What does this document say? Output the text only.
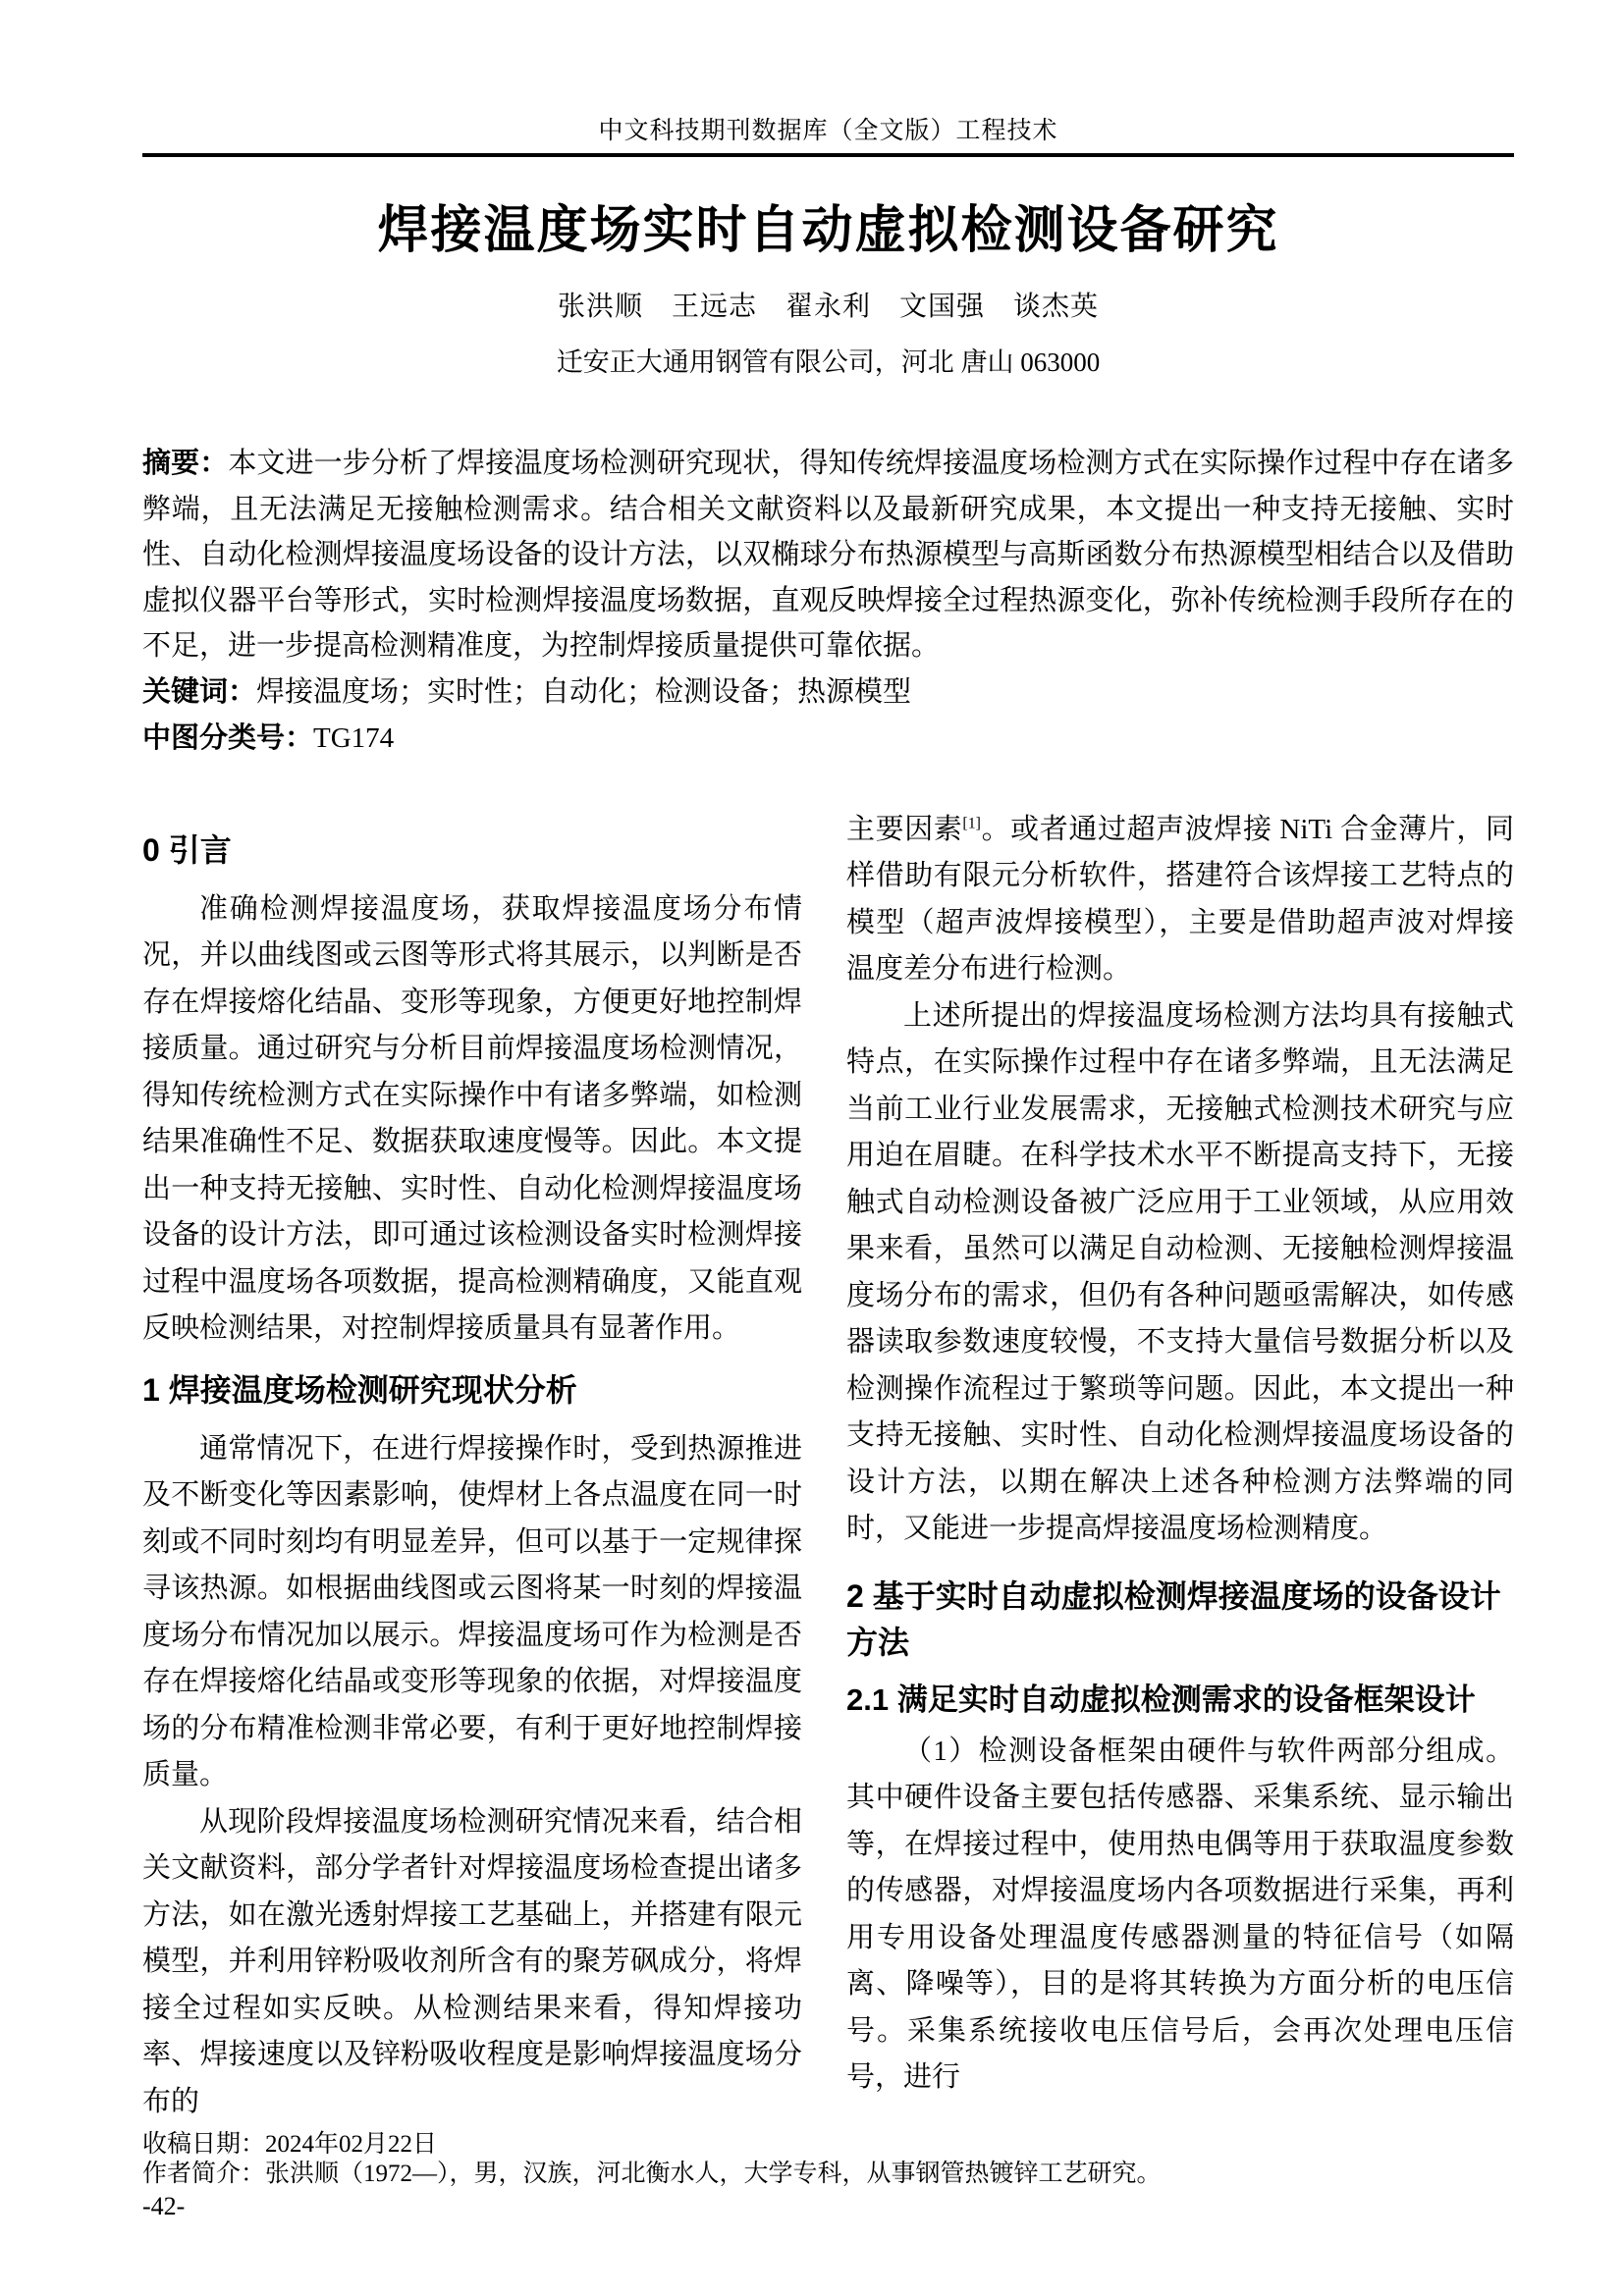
中文科技期刊数据库（全文版）工程技术
焊接温度场实时自动虚拟检测设备研究
张洪顺　王远志　翟永利　文国强　谈杰英
迁安正大通用钢管有限公司，河北 唐山 063000
摘要：本文进一步分析了焊接温度场检测研究现状，得知传统焊接温度场检测方式在实际操作过程中存在诸多弊端，且无法满足无接触检测需求。结合相关文献资料以及最新研究成果，本文提出一种支持无接触、实时性、自动化检测焊接温度场设备的设计方法，以双椭球分布热源模型与高斯函数分布热源模型相结合以及借助虚拟仪器平台等形式，实时检测焊接温度场数据，直观反映焊接全过程热源变化，弥补传统检测手段所存在的不足，进一步提高检测精准度，为控制焊接质量提供可靠依据。
关键词：焊接温度场；实时性；自动化；检测设备；热源模型
中图分类号：TG174
0 引言

准确检测焊接温度场，获取焊接温度场分布情况，并以曲线图或云图等形式将其展示，以判断是否存在焊接熔化结晶、变形等现象，方便更好地控制焊接质量。通过研究与分析目前焊接温度场检测情况，得知传统检测方式在实际操作中有诸多弊端，如检测结果准确性不足、数据获取速度慢等。因此。本文提出一种支持无接触、实时性、自动化检测焊接温度场设备的设计方法，即可通过该检测设备实时检测焊接过程中温度场各项数据，提高检测精确度，又能直观反映检测结果，对控制焊接质量具有显著作用。

1 焊接温度场检测研究现状分析

通常情况下，在进行焊接操作时，受到热源推进及不断变化等因素影响，使焊材上各点温度在同一时刻或不同时刻均有明显差异，但可以基于一定规律探寻该热源。如根据曲线图或云图将某一时刻的焊接温度场分布情况加以展示。焊接温度场可作为检测是否存在焊接熔化结晶或变形等现象的依据，对焊接温度场的分布精准检测非常必要，有利于更好地控制焊接质量。

从现阶段焊接温度场检测研究情况来看，结合相关文献资料，部分学者针对焊接温度场检查提出诸多方法，如在激光透射焊接工艺基础上，并搭建有限元模型，并利用锌粉吸收剂所含有的聚芳砜成分，将焊接全过程如实反映。从检测结果来看，得知焊接功率、焊接速度以及锌粉吸收程度是影响焊接温度场分布的

主要因素[1]。或者通过超声波焊接 NiTi 合金薄片，同样借助有限元分析软件，搭建符合该焊接工艺特点的模型（超声波焊接模型），主要是借助超声波对焊接温度差分布进行检测。

上述所提出的焊接温度场检测方法均具有接触式特点，在实际操作过程中存在诸多弊端，且无法满足当前工业行业发展需求，无接触式检测技术研究与应用迫在眉睫。在科学技术水平不断提高支持下，无接触式自动检测设备被广泛应用于工业领域，从应用效果来看，虽然可以满足自动检测、无接触检测焊接温度场分布的需求，但仍有各种问题亟需解决，如传感器读取参数速度较慢，不支持大量信号数据分析以及检测操作流程过于繁琐等问题。因此，本文提出一种支持无接触、实时性、自动化检测焊接温度场设备的设计方法，以期在解决上述各种检测方法弊端的同时，又能进一步提高焊接温度场检测精度。

2 基于实时自动虚拟检测焊接温度场的设备设计方法
2.1 满足实时自动虚拟检测需求的设备框架设计

（1）检测设备框架由硬件与软件两部分组成。其中硬件设备主要包括传感器、采集系统、显示输出等，在焊接过程中，使用热电偶等用于获取温度参数的传感器，对焊接温度场内各项数据进行采集，再利用专用设备处理温度传感器测量的特征信号（如隔离、降噪等），目的是将其转换为方面分析的电压信号。采集系统接收电压信号后，会再次处理电压信号，进行

收稿日期：2024年02月22日
作者简介：张洪顺（1972—），男，汉族，河北衡水人，大学专科，从事钢管热镀锌工艺研究。
-42-
